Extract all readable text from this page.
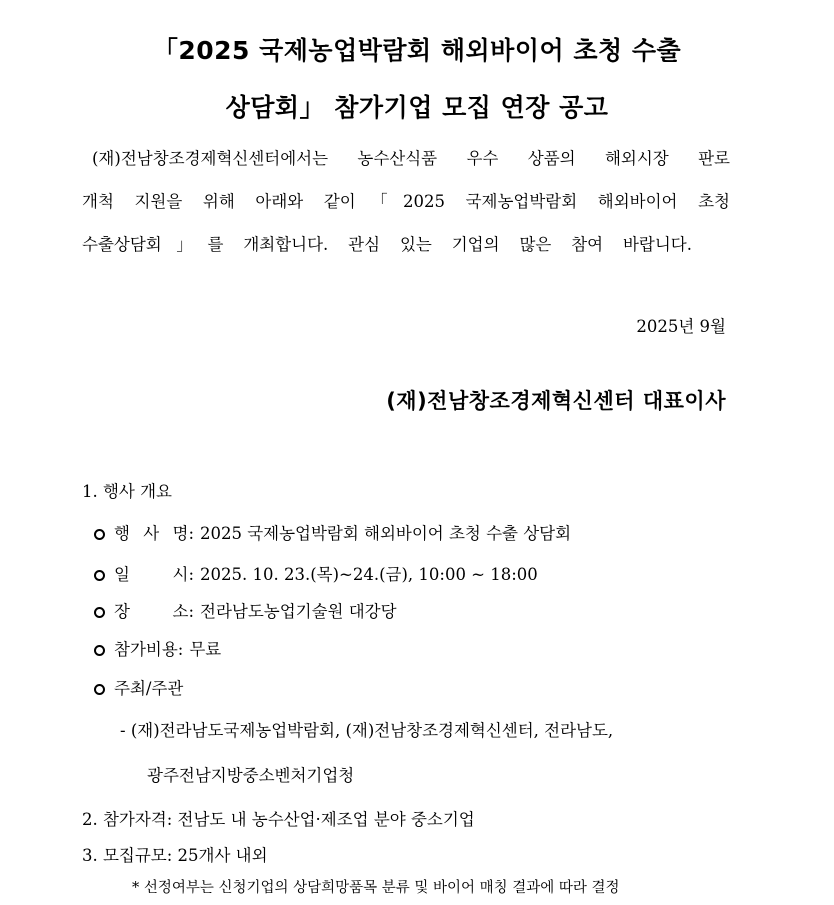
「2025 국제농업박람회 해외바이어 초청 수출
상담회」 참가기업 모집 연장 공고
(재)전남창조경제혁신센터에서는 농수산식품 우수 상품의 해외시장 판로
개척 지원을 위해 아래와 같이「2025 국제농업박람회 해외바이어 초청
수출상담회」를 개최합니다. 관심 있는 기업의 많은 참여 바랍니다.
2025년 9월
(재)전남창조경제혁신센터 대표이사
1. 행사 개요
행 사 명: 2025 국제농업박람회 해외바이어 초청 수출 상담회
일	시: 2025. 10. 23.(목)~24.(금), 10:00 ~ 18:00
장	소: 전라남도농업기술원 대강당
참가비용: 무료
주최/주관
- (재)전라남도국제농업박람회, (재)전남창조경제혁신센터, 전라남도,
광주전남지방중소벤처기업청
2. 참가자격: 전남도 내 농수산업·제조업 분야 중소기업
3. 모집규모: 25개사 내외
* 선정여부는 신청기업의 상담희망품목 분류 및 바이어 매칭 결과에 따라 결정
